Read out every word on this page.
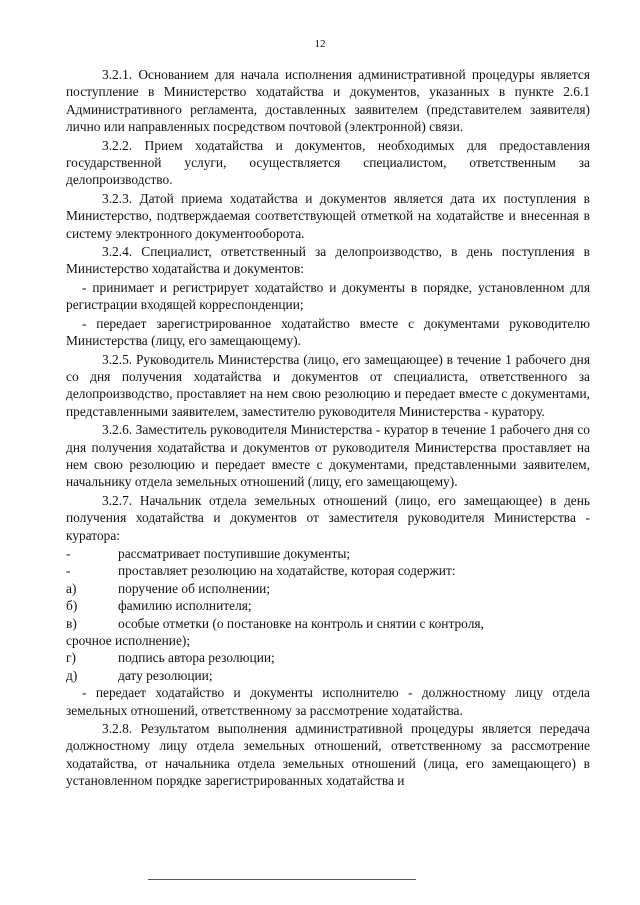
12

3.2.1. Основанием для начала исполнения административной процедуры является поступление в Министерство ходатайства и документов, указанных в пункте 2.6.1 Административного регламента, доставленных заявителем (представителем заявителя) лично или направленных посредством почтовой (электронной) связи.

3.2.2. Прием ходатайства и документов, необходимых для предоставления государственной услуги, осуществляется специалистом, ответственным за делопроизводство.

3.2.3. Датой приема ходатайства и документов является дата их поступления в Министерство, подтверждаемая соответствующей отметкой на ходатайстве и внесенная в систему электронного документооборота.

3.2.4. Специалист, ответственный за делопроизводство, в день поступления в Министерство ходатайства и документов:

- принимает и регистрирует ходатайство и документы в порядке, установленном для регистрации входящей корреспонденции;

- передает зарегистрированное ходатайство вместе с документами руководителю Министерства (лицу, его замещающему).

3.2.5. Руководитель Министерства (лицо, его замещающее) в течение 1 рабочего дня со дня получения ходатайства и документов от специалиста, ответственного за делопроизводство, проставляет на нем свою резолюцию и передает вместе с документами, представленными заявителем, заместителю руководителя Министерства - куратору.

3.2.6. Заместитель руководителя Министерства - куратор в течение 1 рабочего дня со дня получения ходатайства и документов от руководителя Министерства проставляет на нем свою резолюцию и передает вместе с документами, представленными заявителем, начальнику отдела земельных отношений (лицу, его замещающему).

3.2.7. Начальник отдела земельных отношений (лицо, его замещающее) в день получения ходатайства и документов от заместителя руководителя Министерства - куратора:

-	рассматривает поступившие документы;
-	проставляет резолюцию на ходатайстве, которая содержит:
а)	поручение об исполнении;
б)	фамилию исполнителя;
в)	особые отметки (о постановке на контроль и снятии с контроля,
срочное исполнение);
г)	подпись автора резолюции;
д)	дату резолюции;

- передает ходатайство и документы исполнителю - должностному лицу отдела земельных отношений, ответственному за рассмотрение ходатайства.

3.2.8. Результатом выполнения административной процедуры является передача должностному лицу отдела земельных отношений, ответственному за рассмотрение ходатайства, от начальника отдела земельных отношений (лица, его замещающего) в установленном порядке зарегистрированных ходатайства и
